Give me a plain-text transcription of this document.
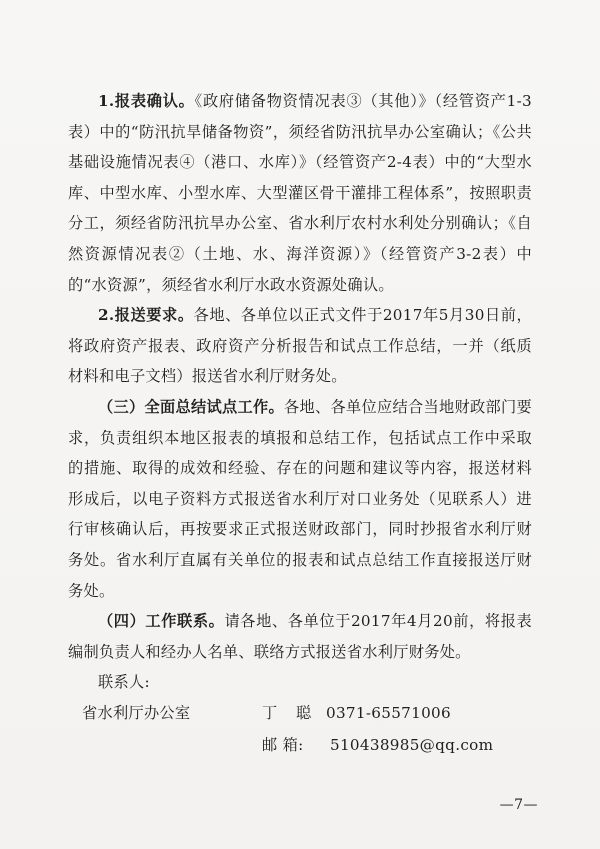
1.报表确认。《政府储备物资情况表③（其他）》（经管资产1-3表）中的“防汛抗旱储备物资”，须经省防汛抗旱办公室确认；《公共基础设施情况表④（港口、水库）》（经管资产2-4表）中的“大型水库、中型水库、小型水库、大型灌区骨干灌排工程体系”，按照职责分工，须经省防汛抗旱办公室、省水利厅农村水利处分别确认；《自然资源情况表②（土地、水、海洋资源）》（经管资产3-2表）中的“水资源”，须经省水利厅水政水资源处确认。

2.报送要求。各地、各单位以正式文件于2017年5月30日前，将政府资产报表、政府资产分析报告和试点工作总结，一并（纸质材料和电子文档）报送省水利厅财务处。

（三）全面总结试点工作。各地、各单位应结合当地财政部门要求，负责组织本地区报表的填报和总结工作，包括试点工作中采取的措施、取得的成效和经验、存在的问题和建议等内容，报送材料形成后，以电子资料方式报送省水利厅对口业务处（见联系人）进行审核确认后，再按要求正式报送财政部门，同时抄报省水利厅财务处。省水利厅直属有关单位的报表和试点总结工作直接报送厅财务处。

（四）工作联系。请各地、各单位于2017年4月20前，将报表编制负责人和经办人名单、联络方式报送省水利厅财务处。

联系人:

省水利厅办公室	丁 聪 0371-65571006
邮 箱: 510438985@qq.com
—7—
